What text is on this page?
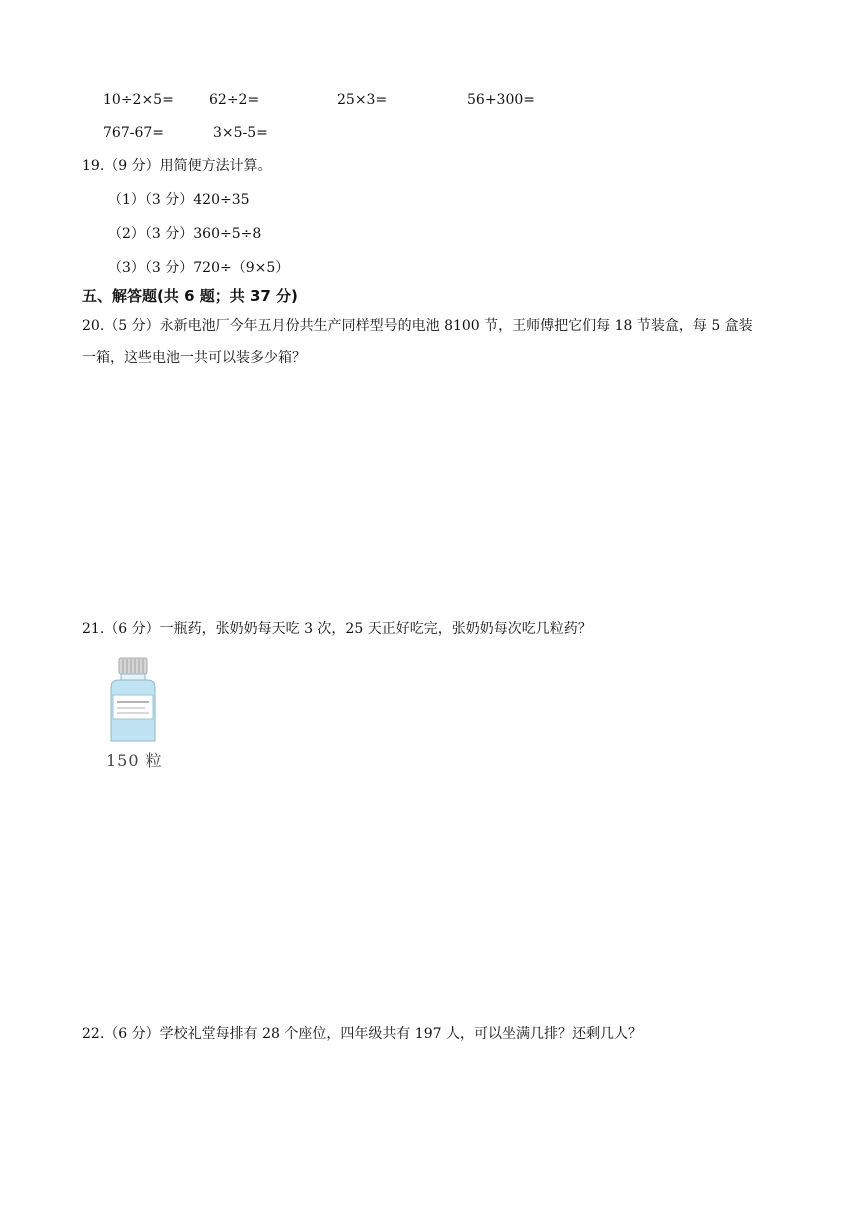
10÷2×5=	62÷2=	25×3=	56+300=
767-67=	3×5-5=
19.（9 分）用简便方法计算。
（1）（3 分）420÷35
（2）（3 分）360÷5÷8
（3）（3 分）720÷（9×5）
五、解答题(共 6 题；共 37 分)
20.（5 分）永新电池厂今年五月份共生产同样型号的电池 8100 节，王师傅把它们每 18 节装盒，每 5 盒装
一箱，这些电池一共可以装多少箱？
21.（6 分）一瓶药，张奶奶每天吃 3 次，25 天正好吃完，张奶奶每次吃几粒药？
150 粒
22.（6 分）学校礼堂每排有 28 个座位，四年级共有 197 人，可以坐满几排？还剩几人？
